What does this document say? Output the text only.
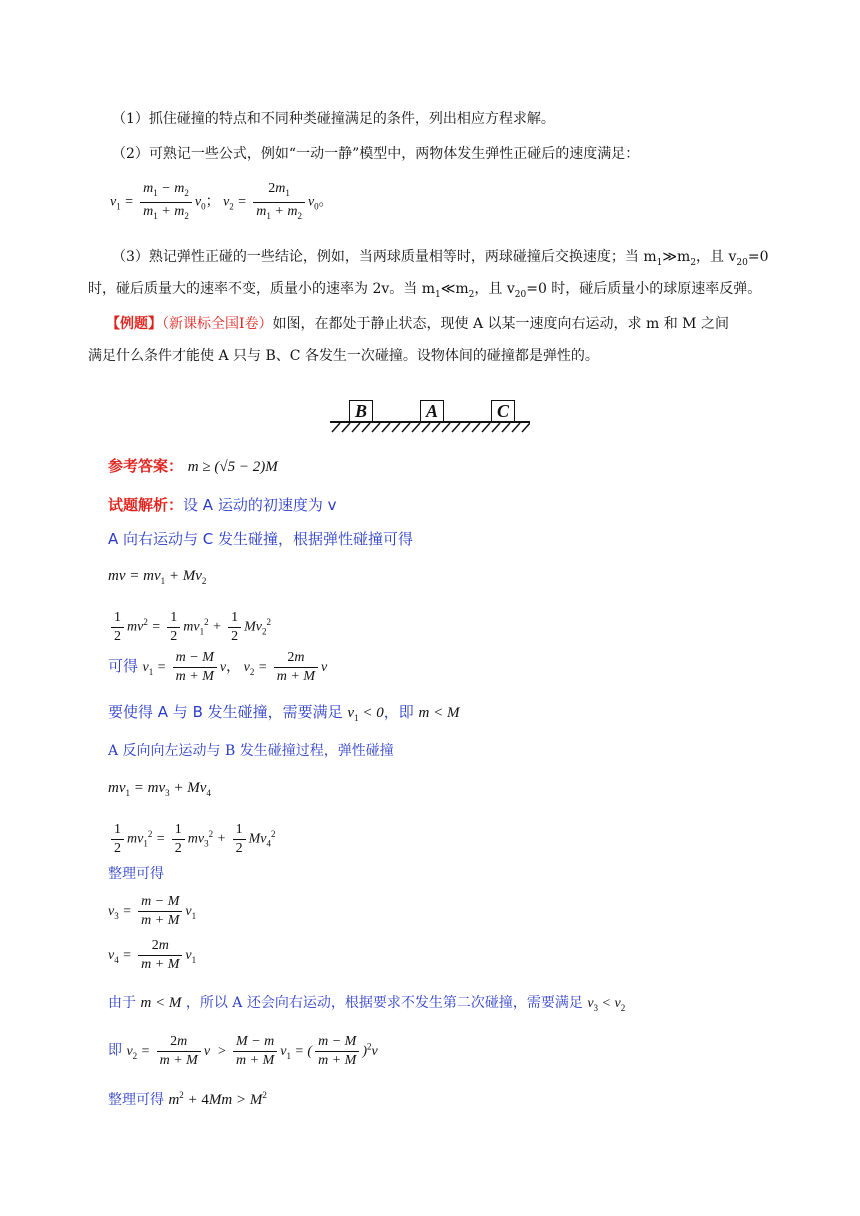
（1）抓住碰撞的特点和不同种类碰撞满足的条件，列出相应方程求解。
（2）可熟记一些公式，例如“一动一静”模型中，两物体发生弹性正碰后的速度满足：
$v_1 = \frac{m_1 - m_2}{m_1 + m_2} v_0$； $v_2 = \frac{2m_1}{m_1 + m_2} v_0$。
（3）熟记弹性正碰的一些结论，例如，当两球质量相等时，两球碰撞后交换速度；当 $m_1≫m_2$，且 $v_{20}=0$
时，碰后质量大的速率不变，质量小的速率为 2v。当 $m_1≪m_2$，且 $v_{20}=0$ 时，碰后质量小的球原速率反弹。
【例题】（新课标全国Ⅰ卷）如图，在都处于静止状态，现使 A 以某一速度向右运动，求 m 和 M 之间
满足什么条件才能使 A 只与 B、C 各发生一次碰撞。设物体间的碰撞都是弹性的。
B	A	C
参考答案： m ≥ (√5 − 2)M
试题解析：设 A 运动的初速度为 v
A 向右运动与 C 发生碰撞，根据弹性碰撞可得
mv = $mv_1 + Mv_2$
$\frac{1}{2} mv^2 = \frac{1}{2} mv_1^2 + \frac{1}{2} Mv_2^2$
可得 $v_1 = \frac{m - M}{m + M}$ v， $v_2 = \frac{2m}{m + M}$ v
要使得 A 与 B 发生碰撞，需要满足 $v_1 < 0$，即 m < M
A 反向向左运动与 B 发生碰撞过程，弹性碰撞
$mv_1 = mv_3 + Mv_4$
$\frac{1}{2} mv_1^2 = \frac{1}{2} mv_3^2 + \frac{1}{2} Mv_4^2$
整理可得
$v_3 = \frac{m - M}{m + M} v_1$
$v_4 = \frac{2m}{m + M} v_1$
由于 m < M ，所以 A 还会向右运动，根据要求不发生第二次碰撞，需要满足 $v_3 < v_2$
即 $v_2 = \frac{2m}{m + M}$ $v > \frac{M - m}{m + M} v_1$ = ( $\frac{m - M}{m + M} )^2v$
整理可得 $m^2 + 4Mm > M^2$
